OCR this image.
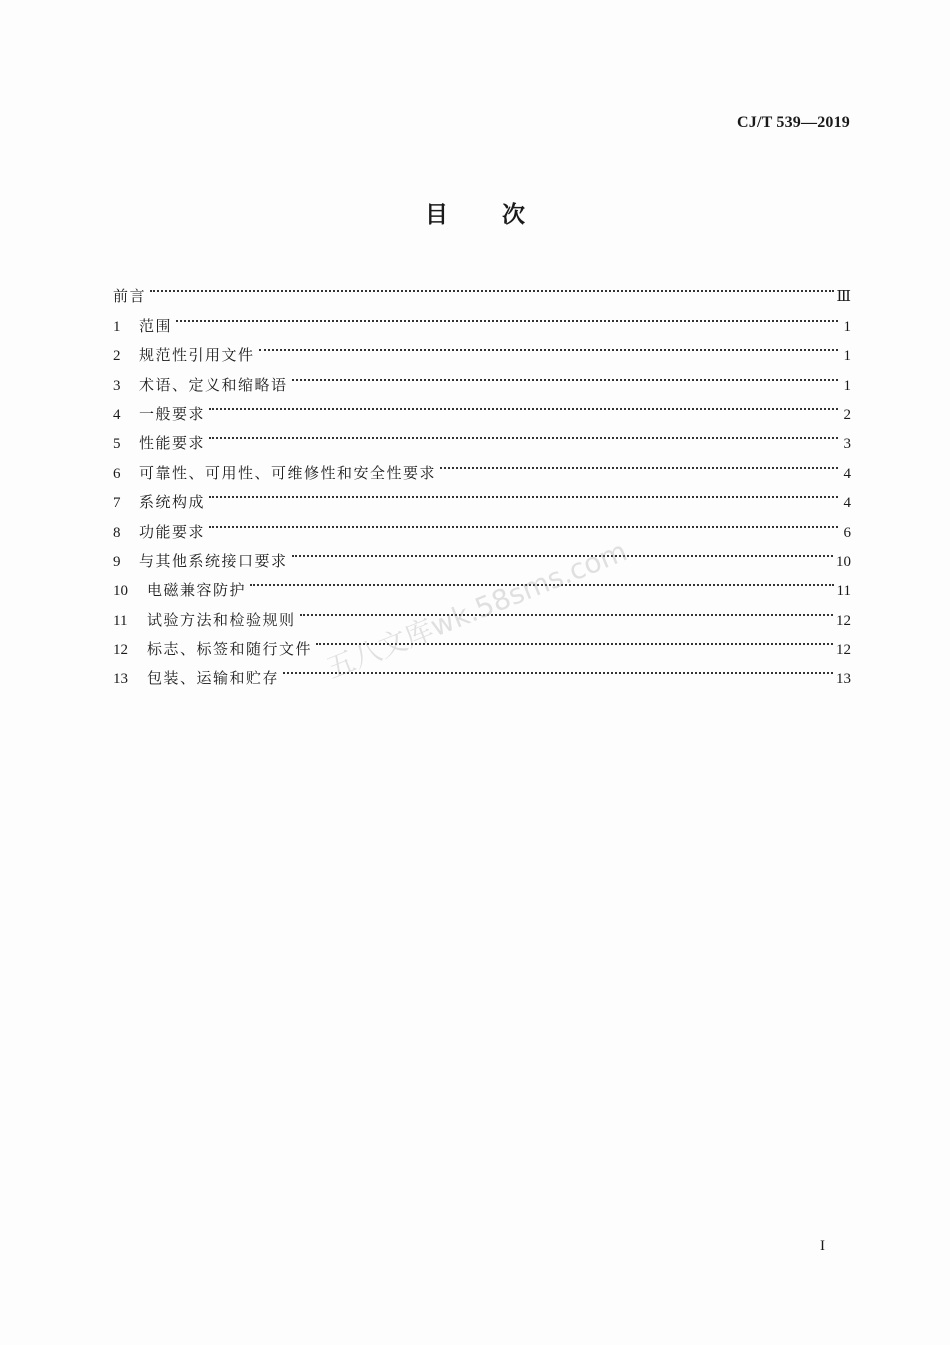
CJ/T 539—2019
目次
前言	Ⅲ
1	范围	1
2	规范性引用文件	1
3	术语、定义和缩略语	1
4	一般要求	2
5	性能要求	3
6	可靠性、可用性、可维修性和安全性要求	4
7	系统构成	4
8	功能要求	6
9	与其他系统接口要求	10
10	电磁兼容防护	11
11	试验方法和检验规则	12
12	标志、标签和随行文件	12
13	包装、运输和贮存	13
五八文库wk.58sms.com
I
